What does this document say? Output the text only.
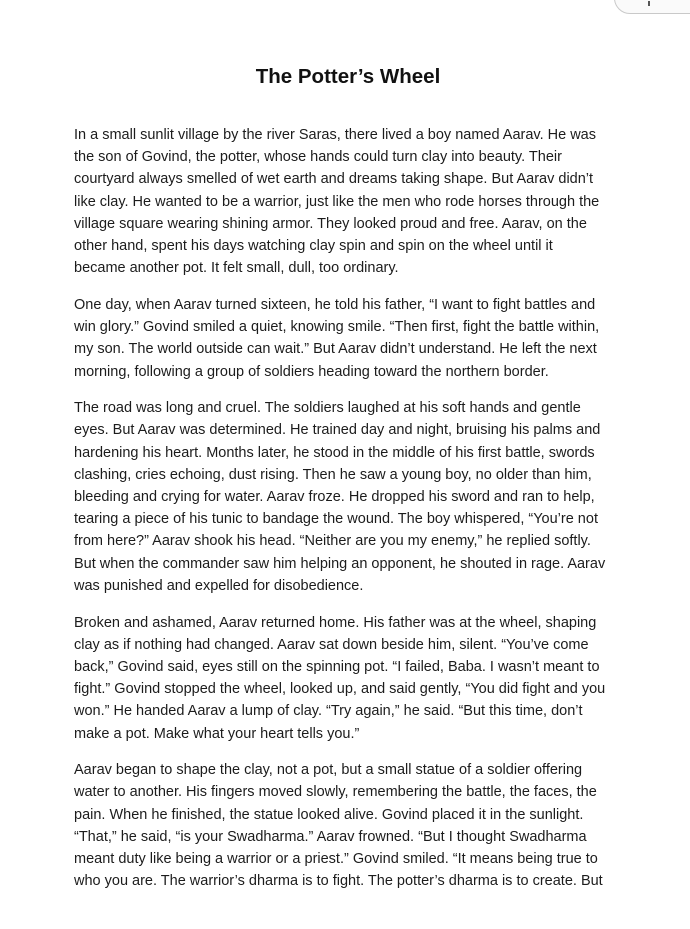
The Potter’s Wheel

In a small sunlit village by the river Saras, there lived a boy named Aarav. He was
the son of Govind, the potter, whose hands could turn clay into beauty. Their
courtyard always smelled of wet earth and dreams taking shape. But Aarav didn’t
like clay. He wanted to be a warrior, just like the men who rode horses through the
village square wearing shining armor. They looked proud and free. Aarav, on the
other hand, spent his days watching clay spin and spin on the wheel until it
became another pot. It felt small, dull, too ordinary.

One day, when Aarav turned sixteen, he told his father, “I want to fight battles and
win glory.” Govind smiled a quiet, knowing smile. “Then first, fight the battle within,
my son. The world outside can wait.” But Aarav didn’t understand. He left the next
morning, following a group of soldiers heading toward the northern border.

The road was long and cruel. The soldiers laughed at his soft hands and gentle
eyes. But Aarav was determined. He trained day and night, bruising his palms and
hardening his heart. Months later, he stood in the middle of his first battle, swords
clashing, cries echoing, dust rising. Then he saw a young boy, no older than him,
bleeding and crying for water. Aarav froze. He dropped his sword and ran to help,
tearing a piece of his tunic to bandage the wound. The boy whispered, “You’re not
from here?” Aarav shook his head. “Neither are you my enemy,” he replied softly.
But when the commander saw him helping an opponent, he shouted in rage. Aarav
was punished and expelled for disobedience.

Broken and ashamed, Aarav returned home. His father was at the wheel, shaping
clay as if nothing had changed. Aarav sat down beside him, silent. “You’ve come
back,” Govind said, eyes still on the spinning pot. “I failed, Baba. I wasn’t meant to
fight.” Govind stopped the wheel, looked up, and said gently, “You did fight and you
won.” He handed Aarav a lump of clay. “Try again,” he said. “But this time, don’t
make a pot. Make what your heart tells you.”

Aarav began to shape the clay, not a pot, but a small statue of a soldier offering
water to another. His fingers moved slowly, remembering the battle, the faces, the
pain. When he finished, the statue looked alive. Govind placed it in the sunlight.
“That,” he said, “is your Swadharma.” Aarav frowned. “But I thought Swadharma
meant duty like being a warrior or a priest.” Govind smiled. “It means being true to
who you are. The warrior’s dharma is to fight. The potter’s dharma is to create. But
